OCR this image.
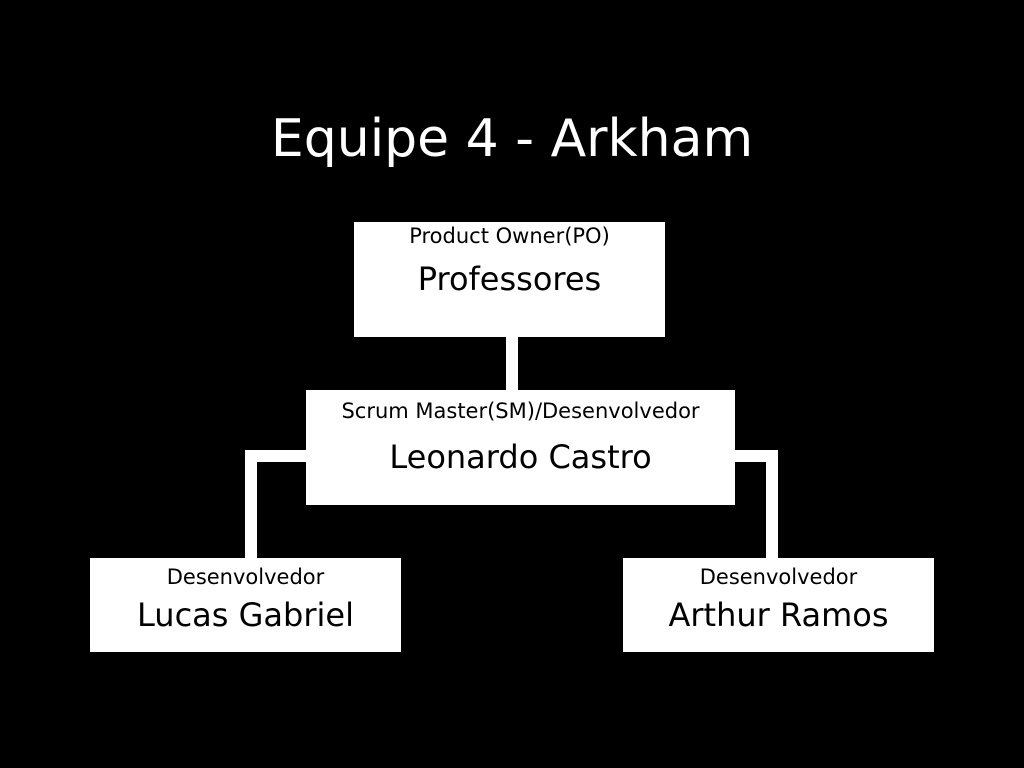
Equipe 4 - Arkham
Product Owner(PO)
Professores
Scrum Master(SM)/Desenvolvedor
Leonardo Castro
Desenvolvedor
Lucas Gabriel
Desenvolvedor
Arthur Ramos
